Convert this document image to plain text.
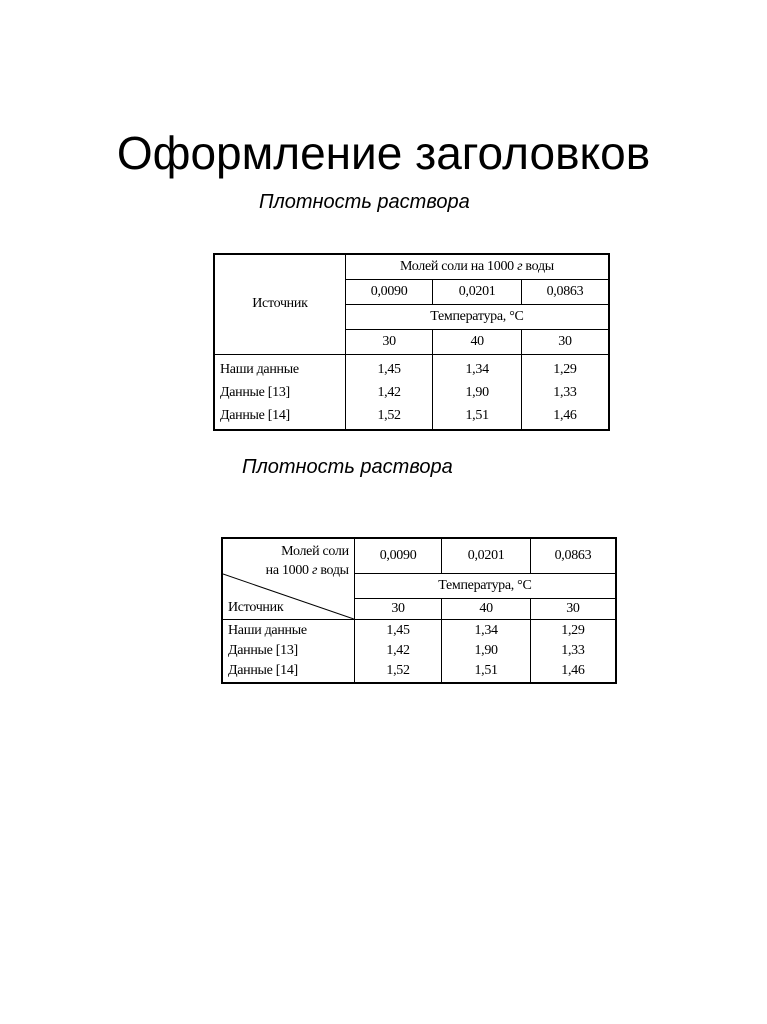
Оформление заголовков
Плотность раствора
Источник	Молей соли на 1000 г воды		
	0,0090	0,0201	0,0863
	Температура, °С		
	30	40	30
Наши данные	1,45	1,34	1,29
Данные [13]	1,42	1,90	1,33
Данные [14]	1,52	1,51	1,46
Плотность раствора
Молей соли
на 1000 г воды
Источник	0,0090	0,0201	0,0863
	Температура, °С		
	30	40	30
Наши данные	1,45	1,34	1,29
Данные [13]	1,42	1,90	1,33
Данные [14]	1,52	1,51	1,46
